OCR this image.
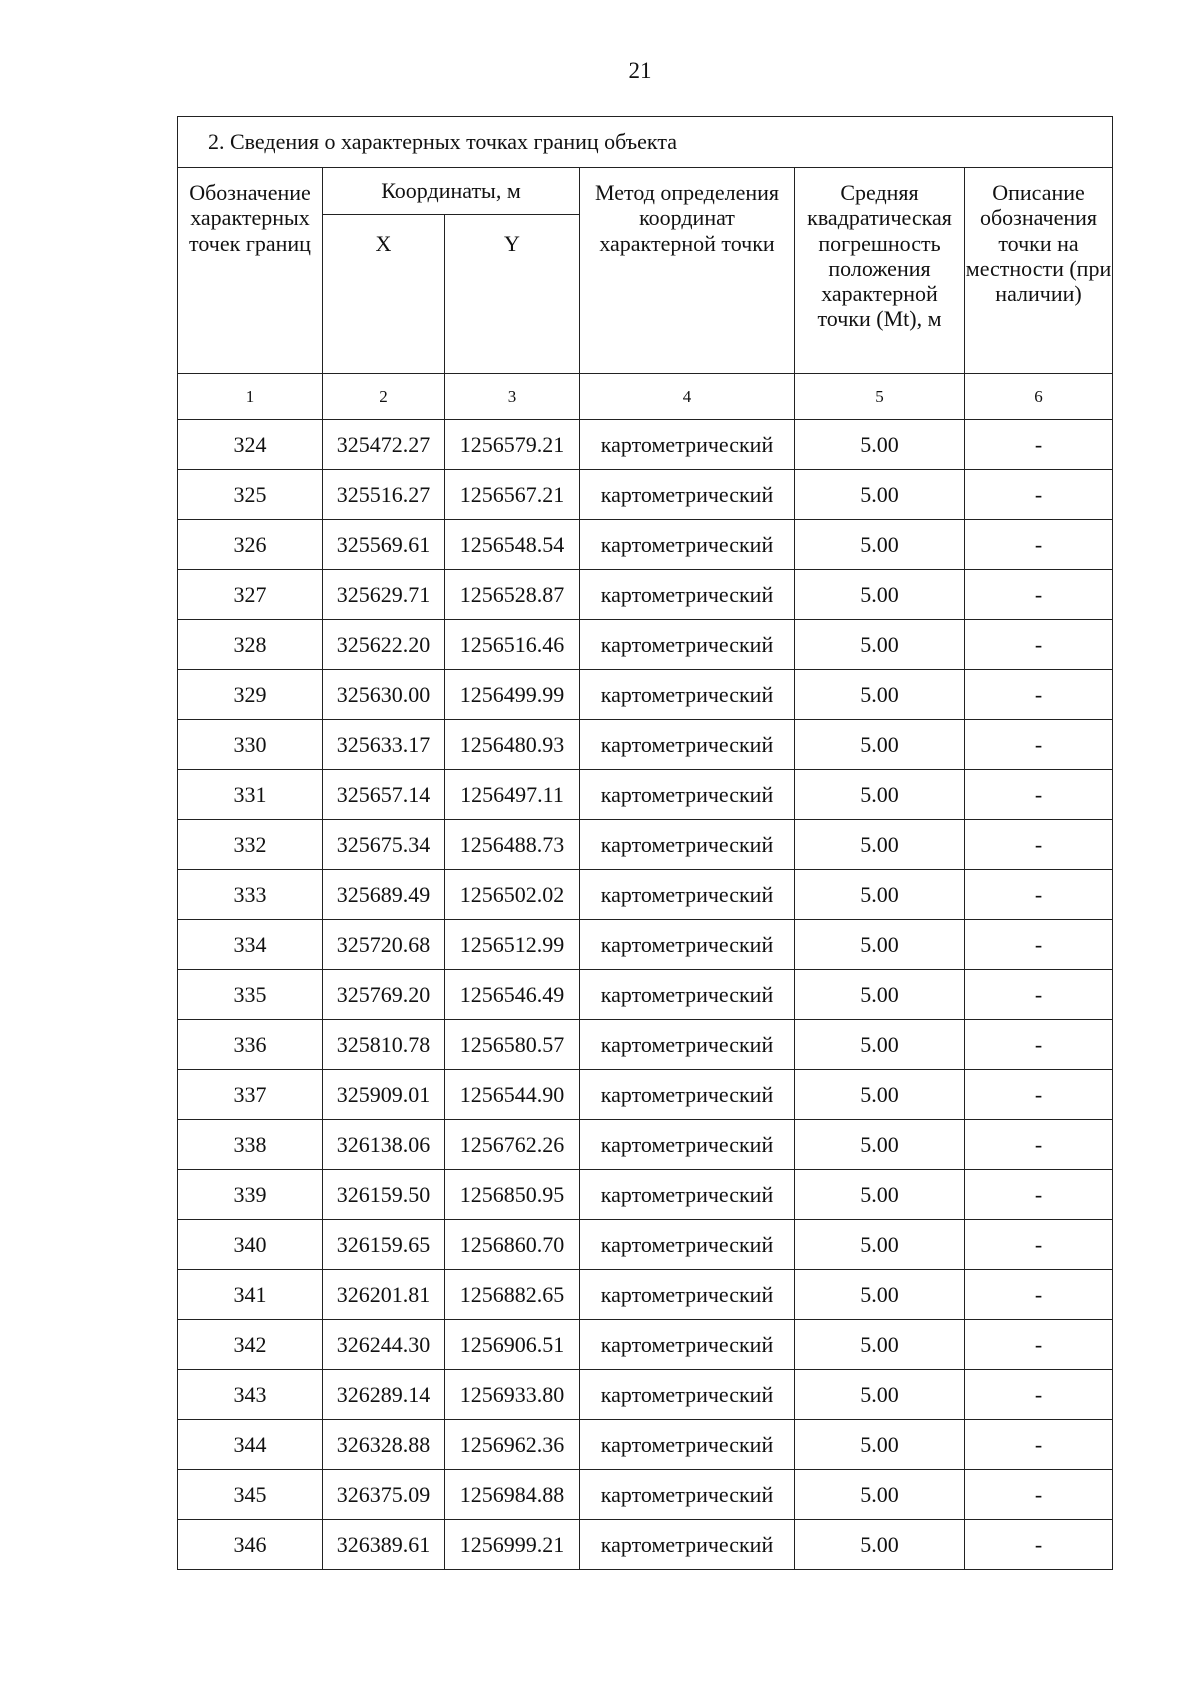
21
2. Сведения о характерных точках границ объекта					
Обозначение характерных точек границ	Координаты, м		Метод определения координат характерной точки	Средняя квадратическая погрешность положения характерной точки (Mt), м	Описание обозначения точки на местности (при наличии)
	X	Y			
1	2	3	4	5	6
324	325472.27	1256579.21	картометрический	5.00	-
325	325516.27	1256567.21	картометрический	5.00	-
326	325569.61	1256548.54	картометрический	5.00	-
327	325629.71	1256528.87	картометрический	5.00	-
328	325622.20	1256516.46	картометрический	5.00	-
329	325630.00	1256499.99	картометрический	5.00	-
330	325633.17	1256480.93	картометрический	5.00	-
331	325657.14	1256497.11	картометрический	5.00	-
332	325675.34	1256488.73	картометрический	5.00	-
333	325689.49	1256502.02	картометрический	5.00	-
334	325720.68	1256512.99	картометрический	5.00	-
335	325769.20	1256546.49	картометрический	5.00	-
336	325810.78	1256580.57	картометрический	5.00	-
337	325909.01	1256544.90	картометрический	5.00	-
338	326138.06	1256762.26	картометрический	5.00	-
339	326159.50	1256850.95	картометрический	5.00	-
340	326159.65	1256860.70	картометрический	5.00	-
341	326201.81	1256882.65	картометрический	5.00	-
342	326244.30	1256906.51	картометрический	5.00	-
343	326289.14	1256933.80	картометрический	5.00	-
344	326328.88	1256962.36	картометрический	5.00	-
345	326375.09	1256984.88	картометрический	5.00	-
346	326389.61	1256999.21	картометрический	5.00	-
